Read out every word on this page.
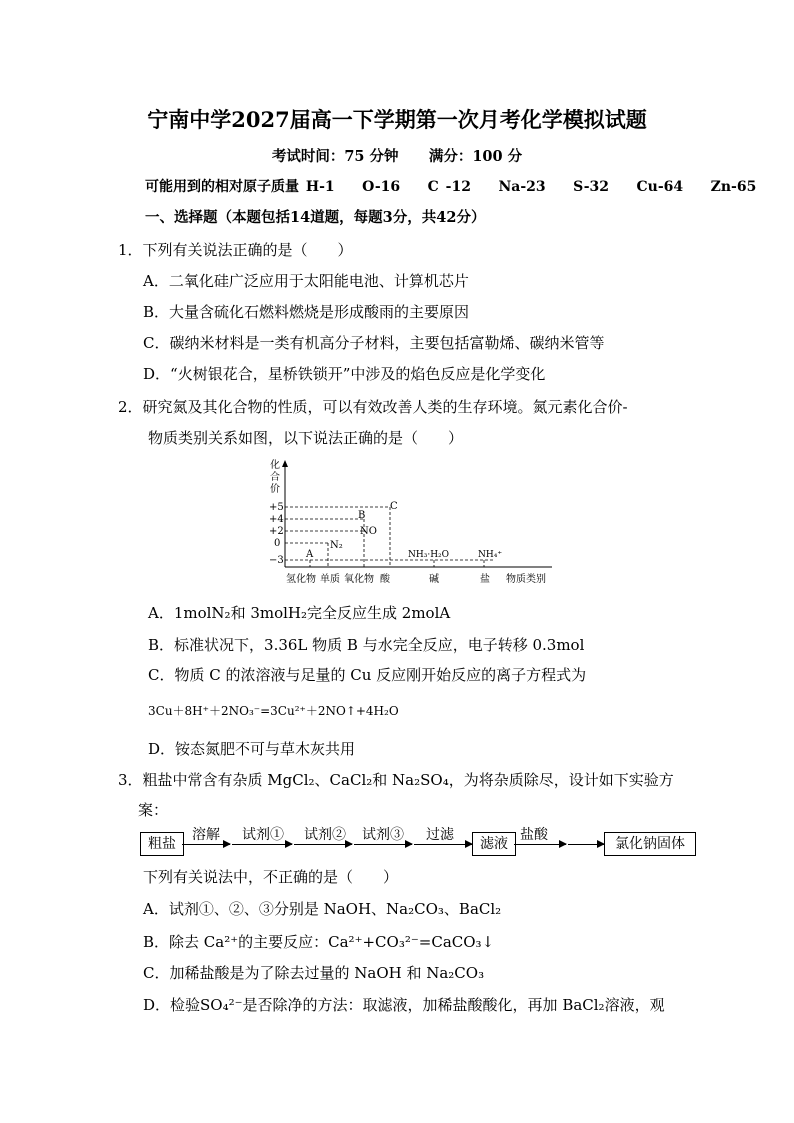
宁南中学2027届高一下学期第一次月考化学模拟试题
考试时间：75 分钟      满分：100 分
可能用到的相对原子质量 H-1    O-16    C -12    Na-23    S-32    Cu-64    Zn-65
一、选择题（本题包括14道题，每题3分，共42分）
1．下列有关说法正确的是（　　）
A．二氧化硅广泛应用于太阳能电池、计算机芯片
B．大量含硫化石燃料燃烧是形成酸雨的主要原因
C．碳纳米材料是一类有机高分子材料，主要包括富勒烯、碳纳米管等
D．“火树银花合，星桥铁锁开”中涉及的焰色反应是化学变化
2．研究氮及其化合物的性质，可以有效改善人类的生存环境。氮元素化合价-
物质类别关系如图，以下说法正确的是（　　）
化
合
价
+5
+4
+2
0
−3
A
N₂
B
NO
C
NH₃·H₂O	NH₄⁺
氢化物 单质 氧化物 酸	碱	盐 物质类别
A．1molN₂和 3molH₂完全反应生成 2molA
B．标准状况下，3.36L 物质 B 与水完全反应，电子转移 0.3mol
C．物质 C 的浓溶液与足量的 Cu 反应刚开始反应的离子方程式为
3Cu＋8H⁺＋2NO₃⁻=3Cu²⁺＋2NO↑+4H₂O
D．铵态氮肥不可与草木灰共用
3．粗盐中常含有杂质 MgCl₂、CaCl₂和 Na₂SO₄，为将杂质除尽，设计如下实验方
案：
粗盐
溶解 试剂① 试剂② 试剂③ 过滤
滤液
盐酸
氯化钠固体
下列有关说法中，不正确的是（　　）
A．试剂①、②、③分别是 NaOH、Na₂CO₃、BaCl₂
B．除去 Ca²⁺的主要反应：Ca²⁺+CO₃²⁻=CaCO₃↓
C．加稀盐酸是为了除去过量的 NaOH 和 Na₂CO₃
D．检验SO₄²⁻是否除净的方法：取滤液，加稀盐酸酸化，再加 BaCl₂溶液，观
